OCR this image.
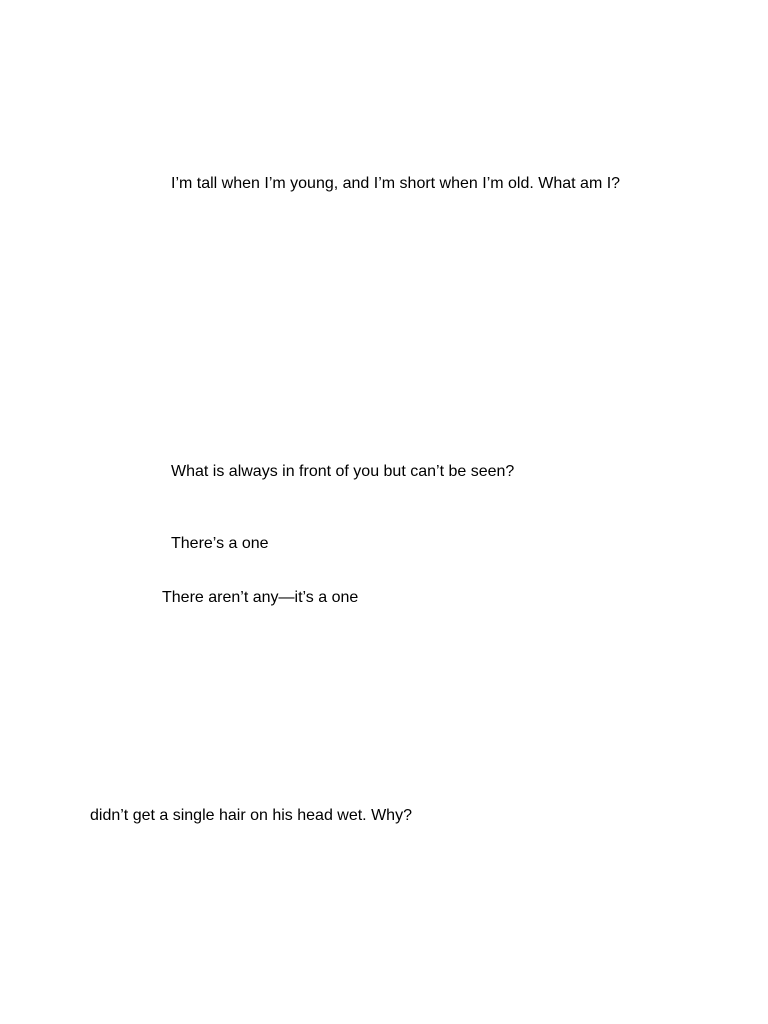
I’m tall when I’m young, and I’m short when I’m old. What am I?
What is always in front of you but can’t be seen?
There’s a one
There aren’t any—it’s a one
didn’t get a single hair on his head wet. Why?
